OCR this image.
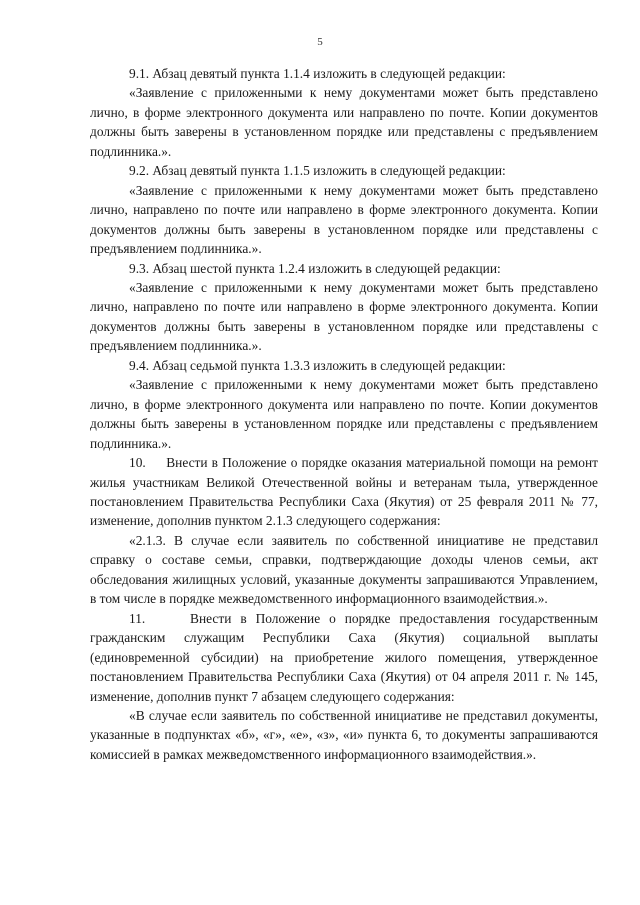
5

9.1. Абзац девятый пункта 1.1.4 изложить в следующей редакции:

«Заявление с приложенными к нему документами может быть представлено лично, в форме электронного документа или направлено по почте. Копии документов должны быть заверены в установленном порядке или представлены с предъявлением подлинника.».

9.2. Абзац девятый пункта 1.1.5 изложить в следующей редакции:

«Заявление с приложенными к нему документами может быть представлено лично, направлено по почте или направлено в форме электронного документа. Копии документов должны быть заверены в установленном порядке или представлены с предъявлением подлинника.».

9.3. Абзац шестой пункта 1.2.4 изложить в следующей редакции:

«Заявление с приложенными к нему документами может быть представлено лично, направлено по почте или направлено в форме электронного документа. Копии документов должны быть заверены в установленном порядке или представлены с предъявлением подлинника.».

9.4. Абзац седьмой пункта 1.3.3 изложить в следующей редакции:

«Заявление с приложенными к нему документами может быть представлено лично, в форме электронного документа или направлено по почте. Копии документов должны быть заверены в установленном порядке или представлены с предъявлением подлинника.».

10.     Внести в Положение о порядке оказания материальной помощи на ремонт жилья участникам Великой Отечественной войны и ветеранам тыла, утвержденное постановлением Правительства Республики Саха (Якутия) от 25 февраля 2011 № 77, изменение, дополнив пунктом 2.1.3 следующего содержания:

«2.1.3. В случае если заявитель по собственной инициативе не представил справку о составе семьи, справки, подтверждающие доходы членов семьи, акт обследования жилищных условий, указанные документы запрашиваются Управлением, в том числе в порядке межведомственного информационного взаимодействия.».

11.     Внести в Положение о порядке предоставления государственным гражданским служащим Республики Саха (Якутия) социальной выплаты (единовременной субсидии) на приобретение жилого помещения, утвержденное постановлением Правительства Республики Саха (Якутия) от 04 апреля 2011 г. № 145, изменение, дополнив пункт 7 абзацем следующего содержания:

«В случае если заявитель по собственной инициативе не представил документы, указанные в подпунктах «б», «г», «е», «з», «и» пункта 6, то документы запрашиваются комиссией в рамках межведомственного информационного взаимодействия.».
